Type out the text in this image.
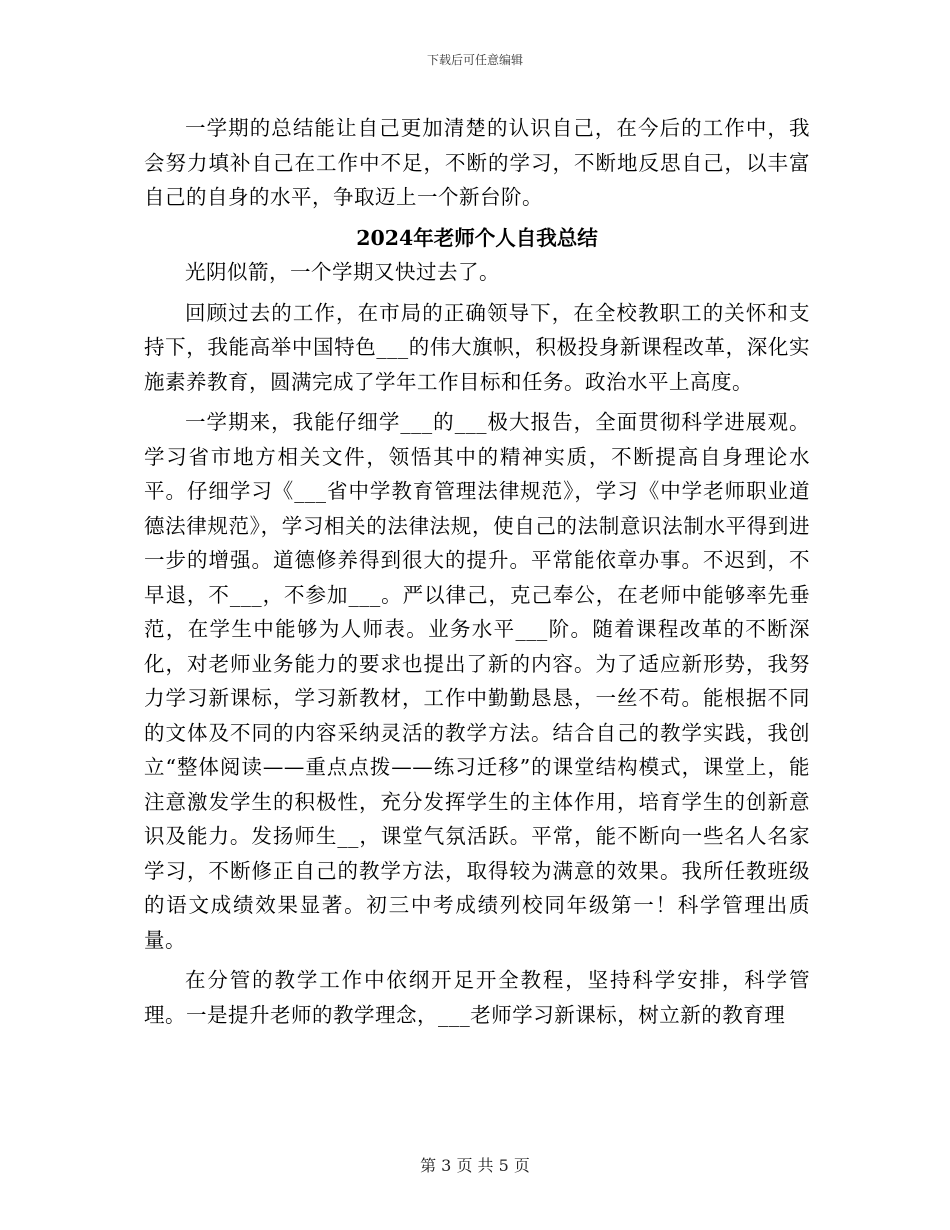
下载后可任意编辑

一学期的总结能让自己更加清楚的认识自己，在今后的工作中，我会努力填补自己在工作中不足，不断的学习，不断地反思自己，以丰富自己的自身的水平，争取迈上一个新台阶。

2024年老师个人自我总结

光阴似箭，一个学期又快过去了。

回顾过去的工作，在市局的正确领导下，在全校教职工的关怀和支持下，我能高举中国特色___的伟大旗帜，积极投身新课程改革，深化实施素养教育，圆满完成了学年工作目标和任务。政治水平上高度。

一学期来，我能仔细学___的___极大报告，全面贯彻科学进展观。学习省市地方相关文件，领悟其中的精神实质，不断提高自身理论水平。仔细学习《___省中学教育管理法律规范》，学习《中学老师职业道德法律规范》，学习相关的法律法规，使自己的法制意识法制水平得到进一步的增强。道德修养得到很大的提升。平常能依章办事。不迟到，不早退，不___，不参加___。严以律己，克己奉公，在老师中能够率先垂范，在学生中能够为人师表。业务水平___阶。随着课程改革的不断深化，对老师业务能力的要求也提出了新的内容。为了适应新形势，我努力学习新课标，学习新教材，工作中勤勤恳恳，一丝不苟。能根据不同的文体及不同的内容采纳灵活的教学方法。结合自己的教学实践，我创立“整体阅读——重点点拨——练习迁移”的课堂结构模式，课堂上，能注意激发学生的积极性，充分发挥学生的主体作用，培育学生的创新意识及能力。发扬师生__，课堂气氛活跃。平常，能不断向一些名人名家学习，不断修正自己的教学方法，取得较为满意的效果。我所任教班级的语文成绩效果显著。初三中考成绩列校同年级第一！科学管理出质量。

在分管的教学工作中依纲开足开全教程，坚持科学安排，科学管理。一是提升老师的教学理念，___老师学习新课标，树立新的教育理

第 3 页 共 5 页
